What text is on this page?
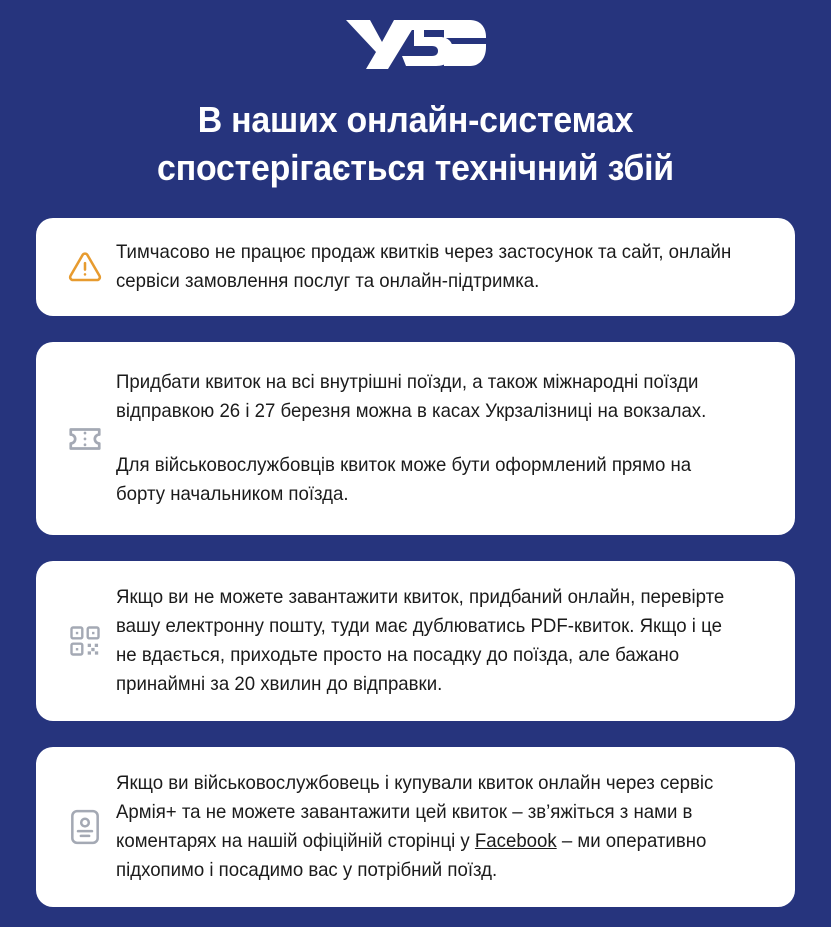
В наших онлайн-системах
спостерігається технічний збій

Тимчасово не працює продаж квитків через застосунок та сайт, онлайн сервіси замовлення послуг та онлайн-підтримка.

Придбати квиток на всі внутрішні поїзди, а також міжнародні поїзди відправкою 26 і 27 березня можна в касах Укрзалізниці на вокзалах.

Для військовослужбовців квиток може бути оформлений прямо на борту начальником поїзда.

Якщо ви не можете завантажити квиток, придбаний онлайн, перевірте вашу електронну пошту, туди має дублюватись PDF-квиток. Якщо і це не вдається, приходьте просто на посадку до поїзда, але бажано принаймні за 20 хвилин до відправки.

Якщо ви військовослужбовець і купували квиток онлайн через сервіс Армія+ та не можете завантажити цей квиток – зв’яжіться з нами в коментарях на нашій офіційній сторінці у Facebook – ми оперативно підхопимо і посадимо вас у потрібний поїзд.
